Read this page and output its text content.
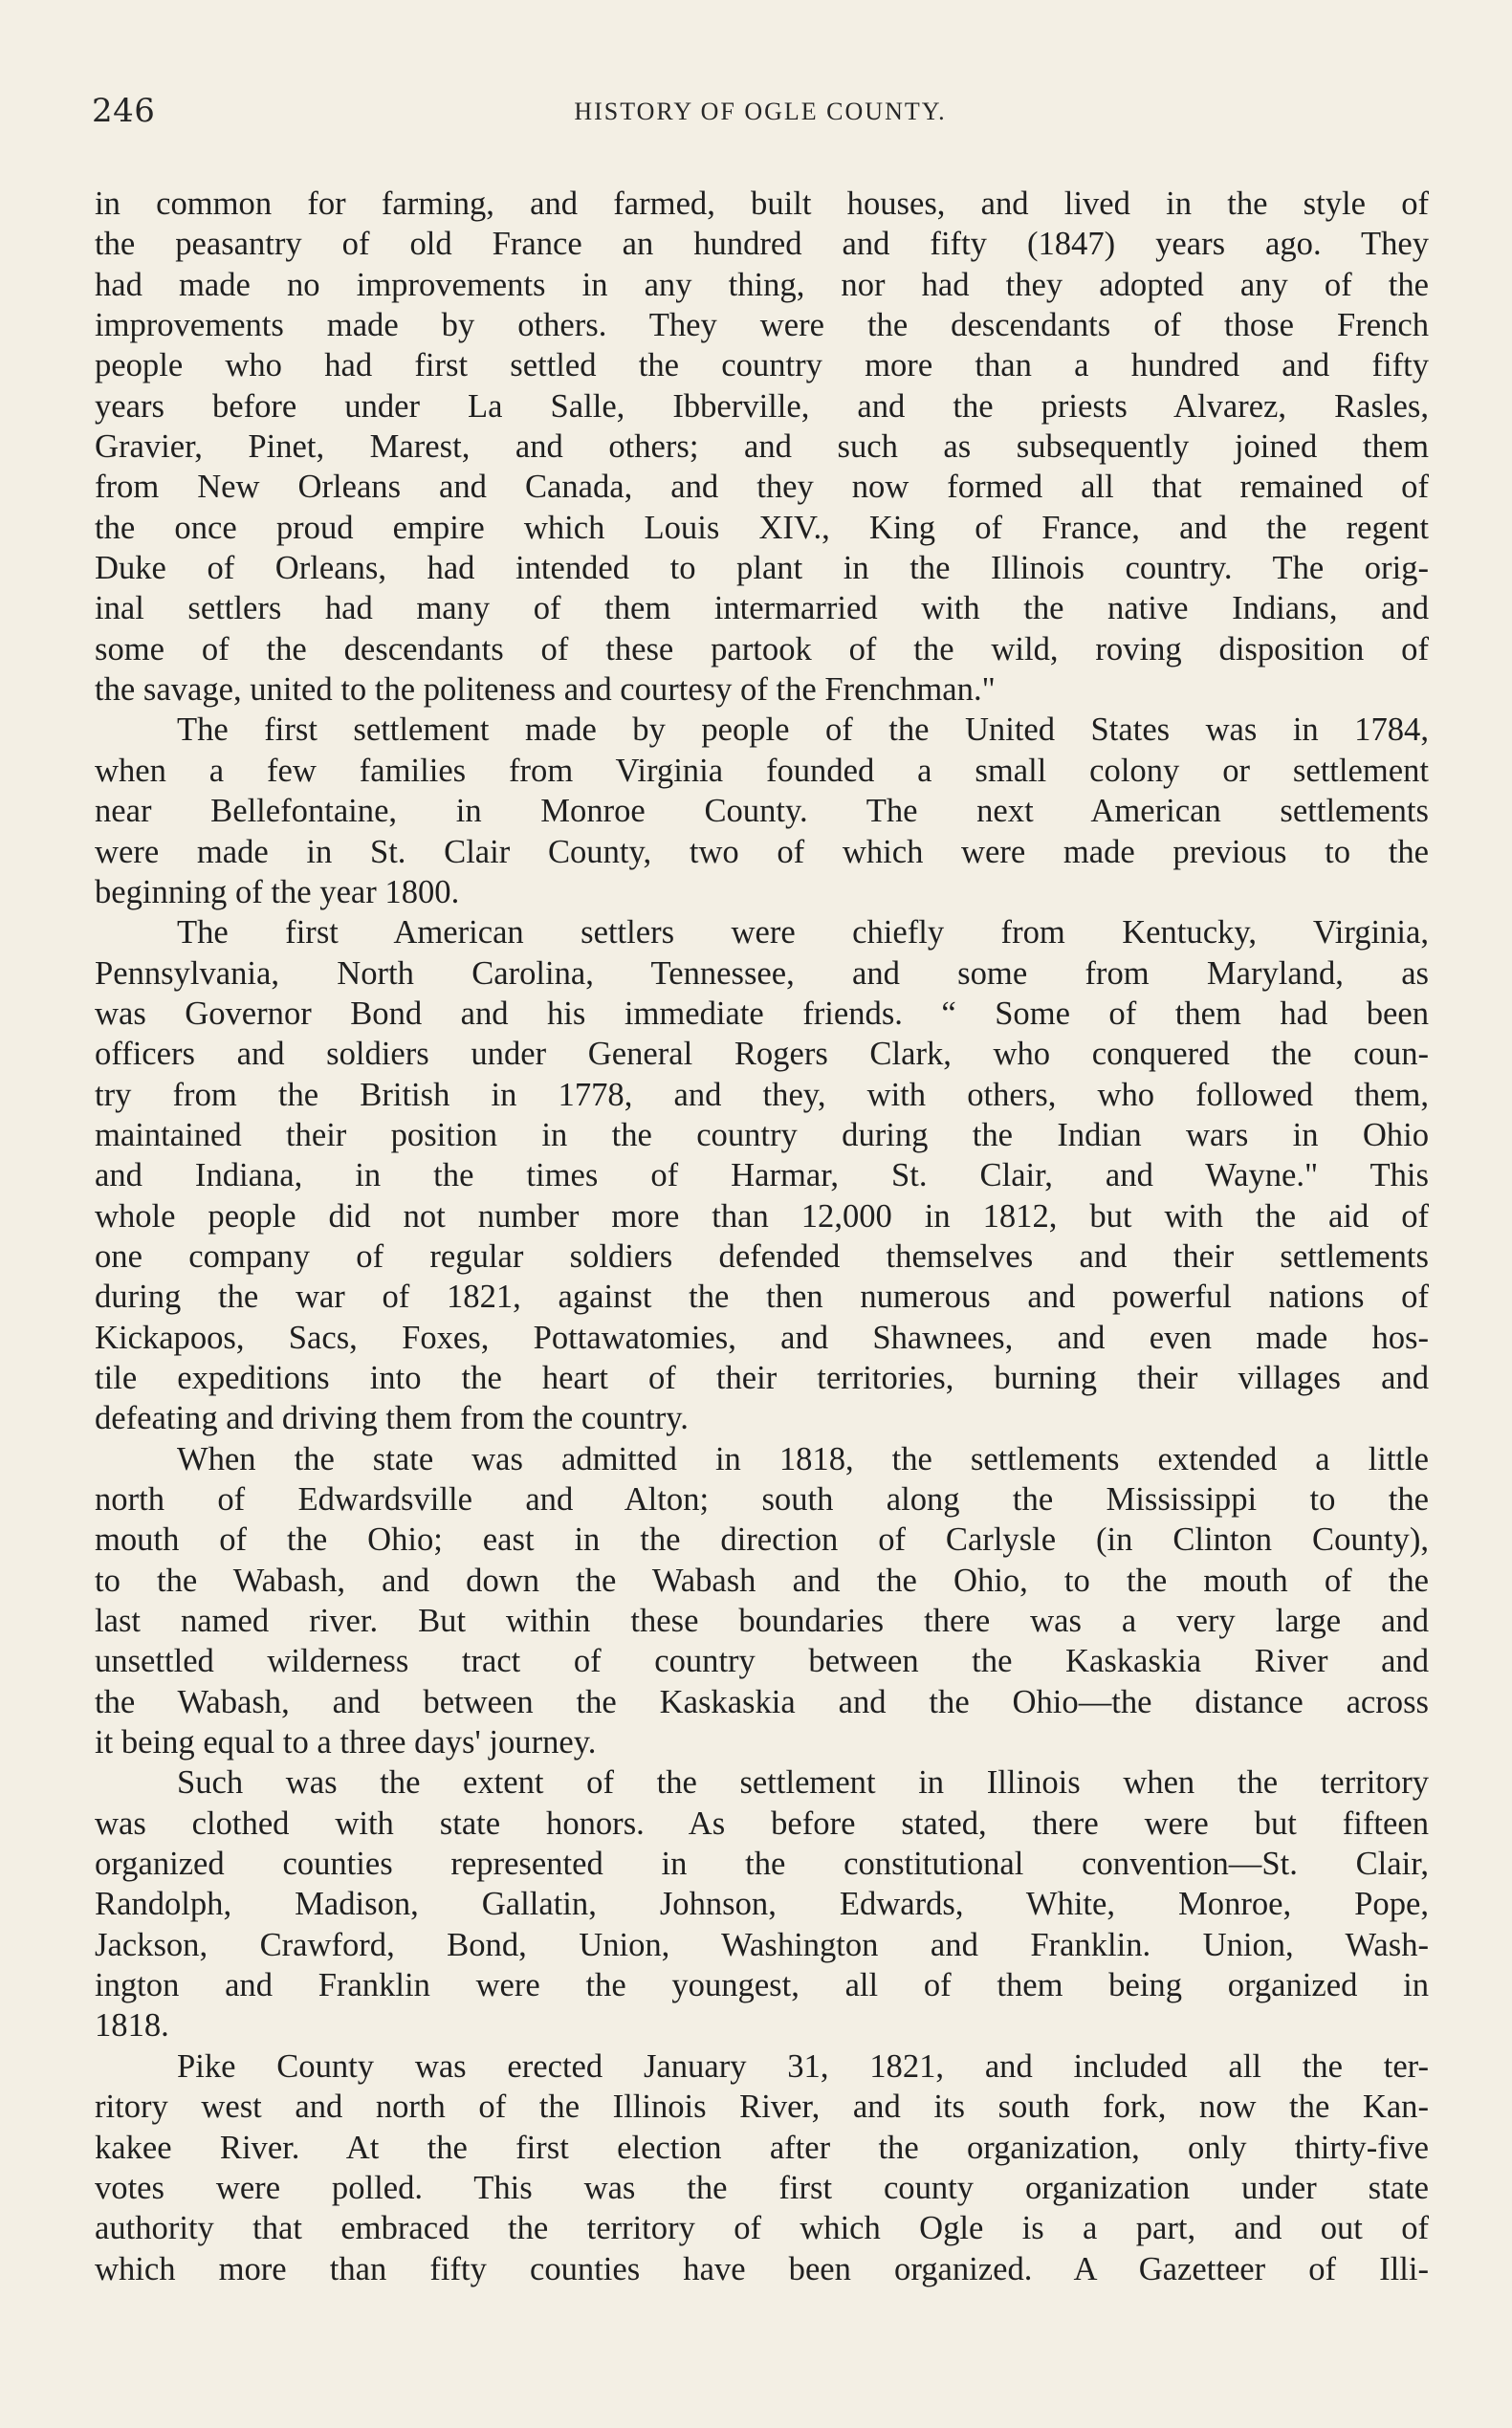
246	HISTORY OF OGLE COUNTY.
in common for farming, and farmed, built houses, and lived in the style of
the peasantry of old France an hundred and fifty (1847) years ago. They
had made no improvements in any thing, nor had they adopted any of the
improvements made by others. They were the descendants of those French
people who had first settled the country more than a hundred and fifty
years before under La Salle, Ibberville, and the priests Alvarez, Rasles,
Gravier, Pinet, Marest, and others; and such as subsequently joined them
from New Orleans and Canada, and they now formed all that remained of
the once proud empire which Louis XIV., King of France, and the regent
Duke of Orleans, had intended to plant in the Illinois country. The orig-
inal settlers had many of them intermarried with the native Indians, and
some of the descendants of these partook of the wild, roving disposition of
the savage, united to the politeness and courtesy of the Frenchman."
The first settlement made by people of the United States was in 1784,
when a few families from Virginia founded a small colony or settlement
near Bellefontaine, in Monroe County. The next American settlements
were made in St. Clair County, two of which were made previous to the
beginning of the year 1800.
The first American settlers were chiefly from Kentucky, Virginia,
Pennsylvania, North Carolina, Tennessee, and some from Maryland, as
was Governor Bond and his immediate friends. “ Some of them had been
officers and soldiers under General Rogers Clark, who conquered the coun-
try from the British in 1778, and they, with others, who followed them,
maintained their position in the country during the Indian wars in Ohio
and Indiana, in the times of Harmar, St. Clair, and Wayne." This
whole people did not number more than 12,000 in 1812, but with the aid of
one company of regular soldiers defended themselves and their settlements
during the war of 1821, against the then numerous and powerful nations of
Kickapoos, Sacs, Foxes, Pottawatomies, and Shawnees, and even made hos-
tile expeditions into the heart of their territories, burning their villages and
defeating and driving them from the country.
When the state was admitted in 1818, the settlements extended a little
north of Edwardsville and Alton; south along the Mississippi to the
mouth of the Ohio; east in the direction of Carlysle (in Clinton County),
to the Wabash, and down the Wabash and the Ohio, to the mouth of the
last named river. But within these boundaries there was a very large and
unsettled wilderness tract of country between the Kaskaskia River and
the Wabash, and between the Kaskaskia and the Ohio—the distance across
it being equal to a three days' journey.
Such was the extent of the settlement in Illinois when the territory
was clothed with state honors. As before stated, there were but fifteen
organized counties represented in the constitutional convention—St. Clair,
Randolph, Madison, Gallatin, Johnson, Edwards, White, Monroe, Pope,
Jackson, Crawford, Bond, Union, Washington and Franklin. Union, Wash-
ington and Franklin were the youngest, all of them being organized in
1818.
Pike County was erected January 31, 1821, and included all the ter-
ritory west and north of the Illinois River, and its south fork, now the Kan-
kakee River. At the first election after the organization, only thirty-five
votes were polled. This was the first county organization under state
authority that embraced the territory of which Ogle is a part, and out of
which more than fifty counties have been organized. A Gazetteer of Illi-
